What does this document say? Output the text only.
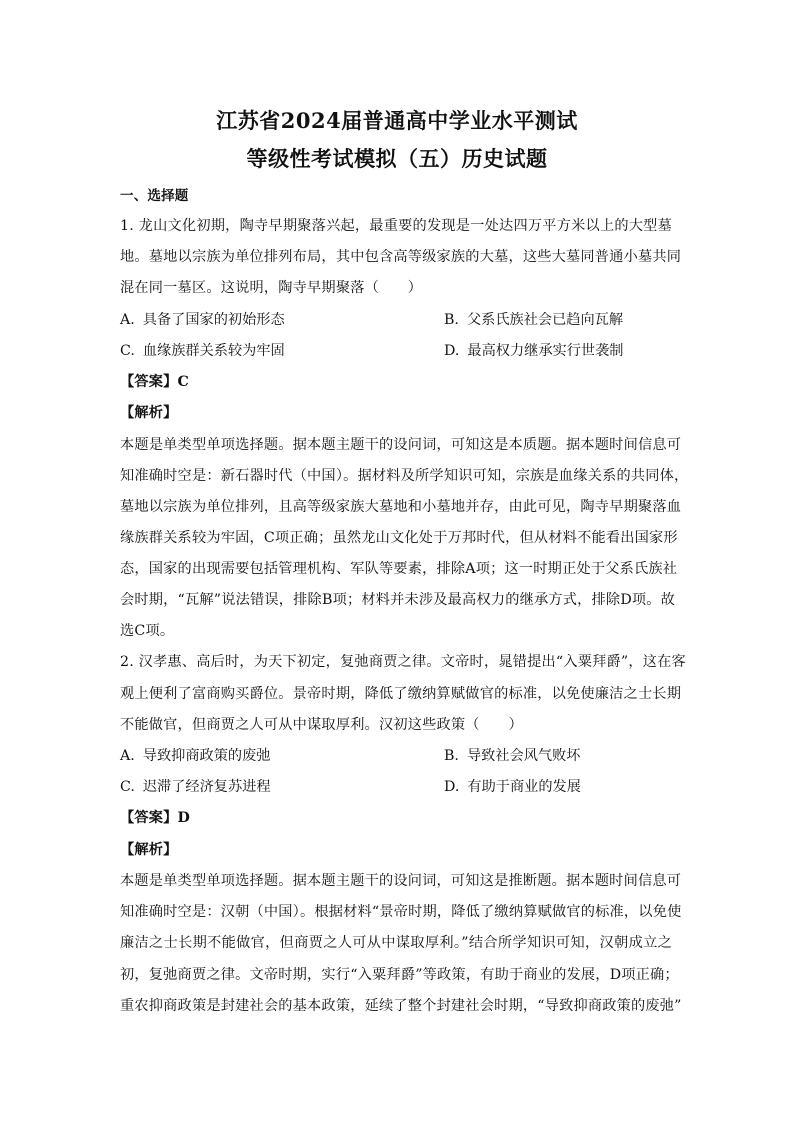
江苏省2024届普通高中学业水平测试
等级性考试模拟（五）历史试题
一、选择题
1. 龙山文化初期，陶寺早期聚落兴起，最重要的发现是一处达四万平方米以上的大型墓
地。墓地以宗族为单位排列布局，其中包含高等级家族的大墓，这些大墓同普通小墓共同
混在同一墓区。这说明，陶寺早期聚落（　　）
A. 具备了国家的初始形态	B. 父系氏族社会已趋向瓦解
C. 血缘族群关系较为牢固	D. 最高权力继承实行世袭制
【答案】C
【解析】
本题是单类型单项选择题。据本题主题干的设问词，可知这是本质题。据本题时间信息可
知准确时空是：新石器时代（中国）。据材料及所学知识可知，宗族是血缘关系的共同体，
墓地以宗族为单位排列，且高等级家族大墓地和小墓地并存，由此可见，陶寺早期聚落血
缘族群关系较为牢固，C项正确；虽然龙山文化处于万邦时代，但从材料不能看出国家形
态，国家的出现需要包括管理机构、军队等要素，排除A项；这一时期正处于父系氏族社
会时期，“瓦解”说法错误，排除B项；材料并未涉及最高权力的继承方式，排除D项。故
选C项。
2. 汉孝惠、高后时，为天下初定，复弛商贾之律。文帝时，晁错提出“入粟拜爵”，这在客
观上便利了富商购买爵位。景帝时期，降低了缴纳算赋做官的标准，以免使廉洁之士长期
不能做官，但商贾之人可从中谋取厚利。汉初这些政策（　　）
A. 导致抑商政策的废弛	B. 导致社会风气败坏
C. 迟滞了经济复苏进程	D. 有助于商业的发展
【答案】D
【解析】
本题是单类型单项选择题。据本题主题干的设问词，可知这是推断题。据本题时间信息可
知准确时空是：汉朝（中国）。根据材料“景帝时期，降低了缴纳算赋做官的标准，以免使
廉洁之士长期不能做官，但商贾之人可从中谋取厚利。”结合所学知识可知，汉朝成立之
初，复弛商贾之律。文帝时期，实行“入粟拜爵”等政策，有助于商业的发展，D项正确；
重农抑商政策是封建社会的基本政策，延续了整个封建社会时期，“导致抑商政策的废弛”
